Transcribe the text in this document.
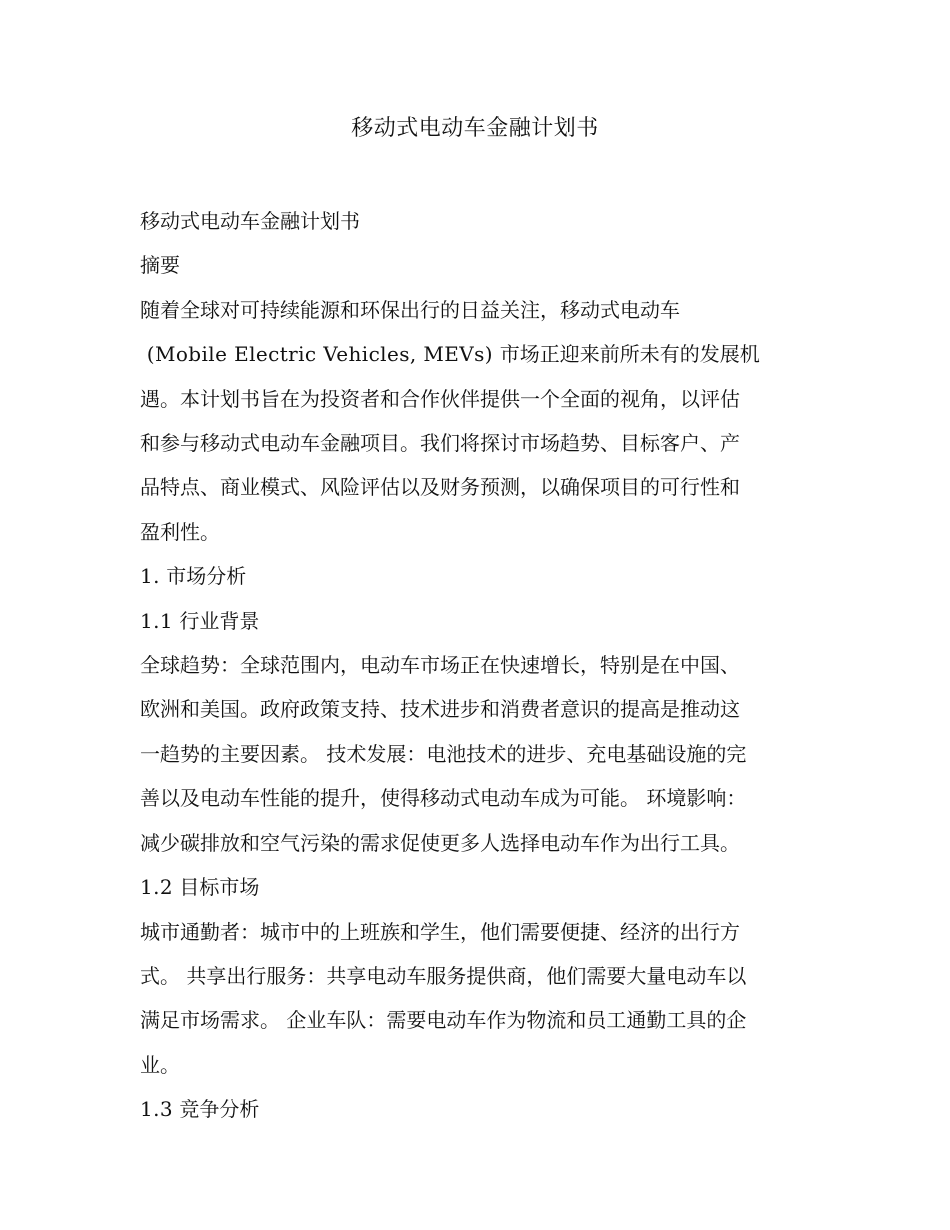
移动式电动车金融计划书

移动式电动车金融计划书

摘要

随着全球对可持续能源和环保出行的日益关注，移动式电动车

(Mobile Electric Vehicles, MEVs) 市场正迎来前所未有的发展机

遇。本计划书旨在为投资者和合作伙伴提供一个全面的视角，以评估

和参与移动式电动车金融项目。我们将探讨市场趋势、目标客户、产

品特点、商业模式、风险评估以及财务预测，以确保项目的可行性和

盈利性。

1. 市场分析

1.1 行业背景

全球趋势：全球范围内，电动车市场正在快速增长，特别是在中国、

欧洲和美国。政府政策支持、技术进步和消费者意识的提高是推动这

一趋势的主要因素。 技术发展：电池技术的进步、充电基础设施的完

善以及电动车性能的提升，使得移动式电动车成为可能。 环境影响：

减少碳排放和空气污染的需求促使更多人选择电动车作为出行工具。

1.2 目标市场

城市通勤者：城市中的上班族和学生，他们需要便捷、经济的出行方

式。 共享出行服务：共享电动车服务提供商，他们需要大量电动车以

满足市场需求。 企业车队：需要电动车作为物流和员工通勤工具的企

业。

1.3 竞争分析
